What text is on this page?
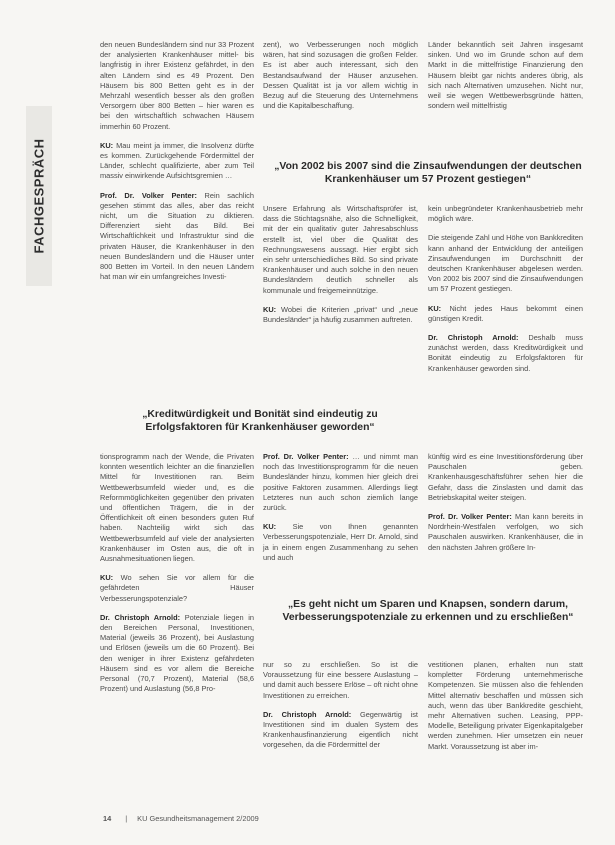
FACHGESPRÄCH

den neuen Bundesländern sind nur 33 Prozent der analysierten Krankenhäuser mittel- bis langfristig in ihrer Existenz gefährdet, in den alten Ländern sind es 49 Prozent. Den Häusern bis 800 Betten geht es in der Mehrzahl wesentlich besser als den großen Versorgern über 800 Betten – hier waren es bei den wirtschaftlich schwachen Häusern immerhin 60 Prozent.

KU: Mau meint ja immer, die Insolvenz dürfte es kommen. Zurückgehende Fördermittel der Länder, schlecht qualifizierte, aber zum Teil massiv einwirkende Aufsichtsgremien …

Prof. Dr. Volker Penter: Rein sachlich gesehen stimmt das alles, aber das reicht nicht, um die Situation zu diktieren. Differenziert sieht das Bild. Bei Wirtschaftlichkeit und Infrastruktur sind die privaten Häuser, die Krankenhäuser in den neuen Bundesländern und die Häuser unter 800 Betten im Vorteil. In den neuen Ländern hat man wir ein umfangreiches Investi-

zent), wo Verbesserungen noch möglich wären, hat sind sozusagen die großen Felder. Es ist aber auch interessant, sich den Bestandsaufwand der Häuser anzusehen. Dessen Qualität ist ja vor allem wichtig in Bezug auf die Steuerung des Unternehmens und die Kapitalbeschaffung.

Länder bekanntlich seit Jahren insgesamt sinken. Und wo im Grunde schon auf dem Markt in die mittelfristige Finanzierung den Häusern bleibt gar nichts anderes übrig, als sich nach Alternativen umzusehen. Nicht nur, weil sie wegen Wettbewerbsgründe hätten, sondern weil mittelfristig

„Von 2002 bis 2007 sind die Zinsaufwendungen der deutschen Krankenhäuser um 57 Prozent gestiegen“

Unsere Erfahrung als Wirtschaftsprüfer ist, dass die Stichtagsnähe, also die Schnelligkeit, mit der ein qualitativ guter Jahresabschluss erstellt ist, viel über die Qualität des Rechnungswesens aussagt. Hier ergibt sich ein sehr unterschiedliches Bild. So sind private Krankenhäuser und auch solche in den neuen Bundesländern deutlich schneller als kommunale und freigemeinnützige.

KU: Wobei die Kriterien „privat“ und „neue Bundesländer“ ja häufig zusammen auftreten.

kein unbegründeter Krankenhausbetrieb mehr möglich wäre.

Die steigende Zahl und Höhe von Bankkrediten kann anhand der Entwicklung der anteiligen Zinsaufwendungen im Durchschnitt der deutschen Krankenhäuser abgelesen werden. Von 2002 bis 2007 sind die Zinsaufwendungen um 57 Prozent gestiegen.

KU: Nicht jedes Haus bekommt einen günstigen Kredit.

Dr. Christoph Arnold: Deshalb muss zunächst werden, dass Kreditwürdigkeit und Bonität eindeutig zu Erfolgsfaktoren für Krankenhäuser geworden sind.

„Kreditwürdigkeit und Bonität sind eindeutig zu Erfolgsfaktoren für Krankenhäuser geworden“

tionsprogramm nach der Wende, die Privaten konnten wesentlich leichter an die finanziellen Mittel für Investitionen ran. Beim Wettbewerbsumfeld wieder und, es die Reformmöglichkeiten gegenüber den privaten und öffentlichen Trägern, die in der Öffentlichkeit oft einen besonders guten Ruf haben. Nachteilig wirkt sich das Wettbewerbsumfeld auf viele der analysierten Krankenhäuser im Osten aus, die oft in Ausnahmesituationen liegen.

KU: Wo sehen Sie vor allem für die gefährdeten Häuser Verbesserungspotenziale?

Dr. Christoph Arnold: Potenziale liegen in den Bereichen Personal, Investitionen, Material (jeweils 36 Prozent), bei Auslastung und Erlösen (jeweils um die 60 Prozent). Bei den weniger in ihrer Existenz gefährdeten Häusern sind es vor allem die Bereiche Personal (70,7 Prozent), Material (58,6 Prozent) und Auslastung (56,8 Pro-

Prof. Dr. Volker Penter: … und nimmt man noch das Investitionsprogramm für die neuen Bundesländer hinzu, kommen hier gleich drei positive Faktoren zusammen. Allerdings liegt Letzteres nun auch schon ziemlich lange zurück.

KU: Sie von Ihnen genannten Verbesserungspotenziale, Herr Dr. Arnold, sind ja in einem engen Zusammenhang zu sehen und auch

künftig wird es eine Investitionsförderung über Pauschalen geben. Krankenhausgeschäftsführer sehen hier die Gefahr, dass die Zinslasten und damit das Betriebskapital weiter steigen.

Prof. Dr. Volker Penter: Man kann bereits in Nordrhein-Westfalen verfolgen, wo sich Pauschalen auswirken. Krankenhäuser, die in den nächsten Jahren größere In-

„Es geht nicht um Sparen und Knapsen, sondern darum, Verbesserungspotenziale zu erkennen und zu erschließen“

nur so zu erschließen. So ist die Voraussetzung für eine bessere Auslastung – und damit auch bessere Erlöse – oft nicht ohne Investitionen zu erreichen.

Dr. Christoph Arnold: Gegenwärtig ist Investitionen sind im dualen System des Krankenhausfinanzierung eigentlich nicht vorgesehen, da die Fördermittel der

vestitionen planen, erhalten nun statt kompletter Förderung unternehmerische Kompetenzen. Sie müssen also die fehlenden Mittel alternativ beschaffen und müssen sich auch, wenn das über Bankkredite geschieht, mehr Alternativen suchen. Leasing, PPP-Modelle, Beteiligung privater Eigenkapitalgeber werden zunehmen. Hier umsetzen ein neuer Markt. Voraussetzung ist aber im-

14 | KU Gesundheitsmanagement 2/2009
